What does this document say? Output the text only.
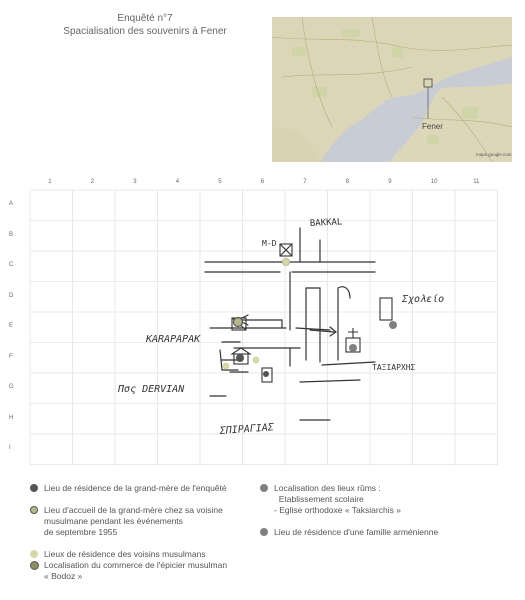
Enquêté n°7
Spacialisation des souvenirs à Fener
Fener
maps.google.com
1	2	3	4	5	6	7	8	9	10	11
A
B
C
D
E
F
G
H
I
BAKKAL
M-D
KARAPAPAK
Σχολείο
ΤΑΞΙΑΡΧΗΣ
Πσς DERVIAN
ΣΠΙΡΑΓΙΑΣ
Lieu de résidence de la grand-mère de l'enquêté
Lieu d'accueil de la grand-mère chez sa voisine
musulmane pendant les événements
de septembre 1955
Lieux de résidence des voisins musulmans
Localisation du commerce de l'épicier musulman
« Bodoz »
Localisation des lieux rûms :
Etablissement scolaire
- Eglise orthodoxe « Taksiarchis »
Lieu de résidence d'une famille arménienne
